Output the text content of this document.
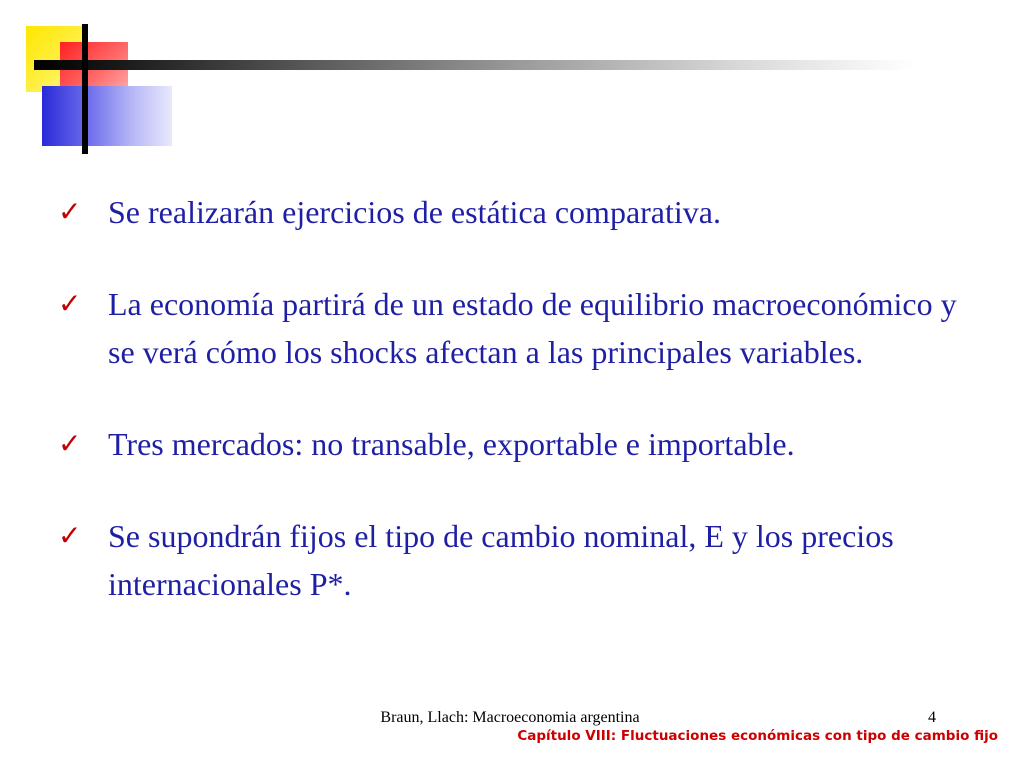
✓ Se realizarán ejercicios de estática comparativa.
✓ La economía partirá de un estado de equilibrio macroeconómico y se verá cómo los shocks afectan a las principales variables.
✓ Tres mercados: no transable, exportable e importable.
✓ Se supondrán fijos el tipo de cambio nominal, E y los precios internacionales P*.
Braun, Llach: Macroeconomia argentina	4
Capítulo VIII: Fluctuaciones económicas con tipo de cambio fijo
